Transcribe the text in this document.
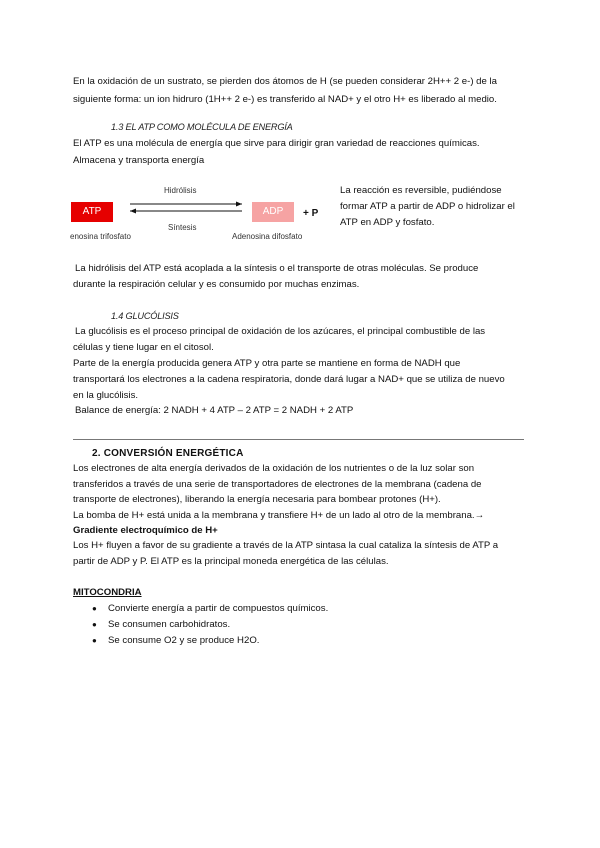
En la oxidación de un sustrato, se pierden dos átomos de H (se pueden considerar 2H++ 2 e-) de la siguiente forma: un ion hidruro (1H++ 2 e-) es transferido al NAD+ y el otro H+ es liberado al medio.
1.3 EL ATP COMO MOLÉCULA DE ENERGÍA
El ATP es una molécula de energía que sirve para dirigir gran variedad de reacciones químicas.
Almacena y transporta energía
Hidrólisis
Síntesis
ATP	ADP	+ P
enosina trifosfato	Adenosina difosfato
La reacción es reversible, pudiéndose
formar ATP a partir de ADP o hidrolizar el
ATP en ADP y fosfato.
La hidrólisis del ATP está acoplada a la síntesis o el transporte de otras moléculas. Se produce
durante la respiración celular y es consumido por muchas enzimas.
1.4 GLUCÓLISIS
La glucólisis es el proceso principal de oxidación de los azúcares, el principal combustible de las
células y tiene lugar en el citosol.
Parte de la energía producida genera ATP y otra parte se mantiene en forma de NADH que
transportará los electrones a la cadena respiratoria, donde dará lugar a NAD+ que se utiliza de nuevo
en la glucólisis.
Balance de energía: 2 NADH + 4 ATP – 2 ATP = 2 NADH + 2 ATP
2. CONVERSIÓN ENERGÉTICA
Los electrones de alta energía derivados de la oxidación de los nutrientes o de la luz solar son
transferidos a través de una serie de transportadores de electrones de la membrana (cadena de
transporte de electrones), liberando la energía necesaria para bombear protones (H+).
La bomba de H+ está unida a la membrana y transfiere H+ de un lado al otro de la membrana.→
Gradiente electroquímico de H+
Los H+ fluyen a favor de su gradiente a través de la ATP sintasa la cual cataliza la síntesis de ATP a
partir de ADP y P. El ATP es la principal moneda energética de las células.
MITOCONDRIA
● Convierte energía a partir de compuestos químicos.
● Se consumen carbohidratos.
● Se consume O2 y se produce H2O.
